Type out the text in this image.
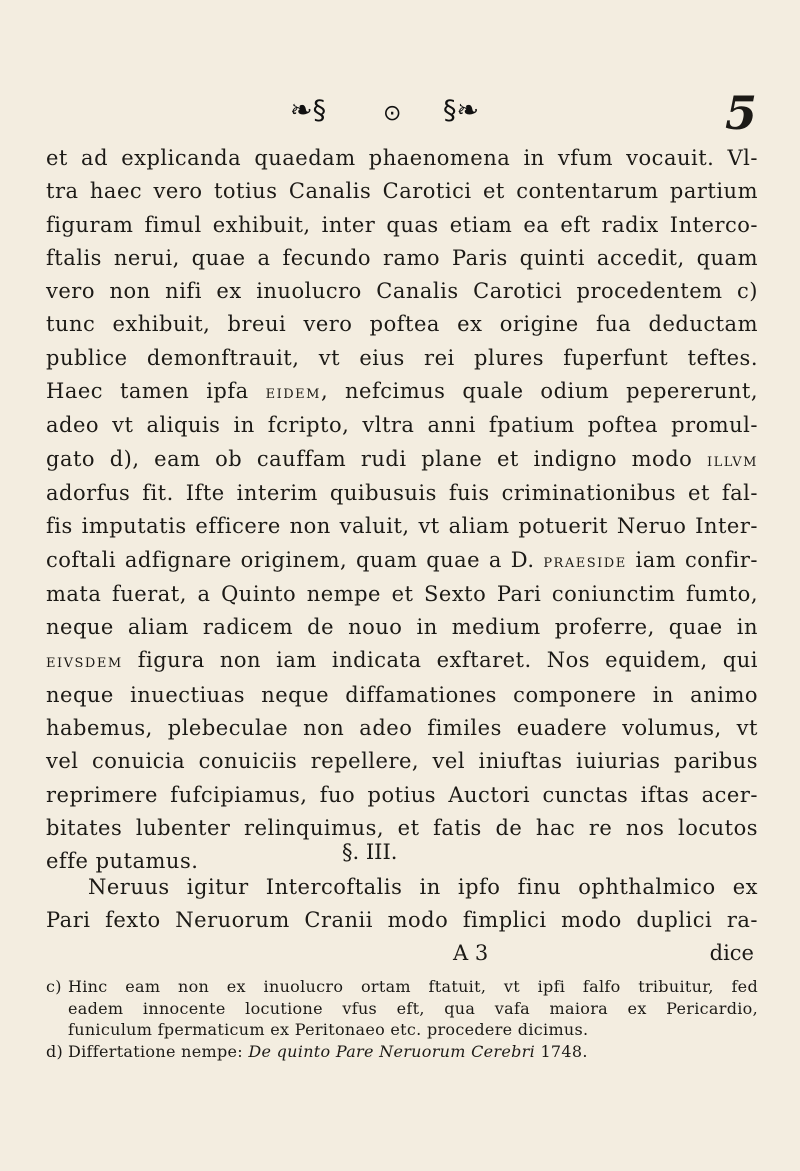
❧§	⊙ §❧	5
et ad explicanda quaedam phaenomena in vfum vocauit. Vl-
tra haec vero totius Canalis Carotici et contentarum partium
figuram fimul exhibuit, inter quas etiam ea eft radix Interco-
ftalis nerui, quae a fecundo ramo Paris quinti accedit, quam
vero non nifi ex inuolucro Canalis Carotici procedentem c)
tunc exhibuit, breui vero poftea ex origine fua deductam
publice demonftrauit, vt eius rei plures fuperfunt teftes.
Haec tamen ipfa eidem, nefcimus quale odium pepererunt,
adeo vt aliquis in fcripto, vltra anni fpatium poftea promul-
gato d), eam ob cauffam rudi plane et indigno modo illvm
adorfus fit. Ifte interim quibusuis fuis criminationibus et fal-
fis imputatis efficere non valuit, vt aliam potuerit Neruo Inter-
coftali adfignare originem, quam quae a D. praeside iam confir-
mata fuerat, a Quinto nempe et Sexto Pari coniunctim fumto,
neque aliam radicem de nouo in medium proferre, quae in
eivsdem figura non iam indicata exftaret. Nos equidem, qui
neque inuectiuas neque diffamationes componere in animo
habemus, plebeculae non adeo fimiles euadere volumus, vt
vel conuicia conuiciis repellere, vel iniuftas iuiurias paribus
reprimere fufcipiamus, fuo potius Auctori cunctas iftas acer-
bitates lubenter relinquimus, et fatis de hac re nos locutos
effe putamus.	§. III.
Neruus igitur Intercoftalis in ipfo finu ophthalmico ex
Pari fexto Neruorum Cranii modo fimplici modo duplici ra-
A 3	dice
c) Hinc eam non ex inuolucro ortam ftatuit, vt ipfi falfo tribuitur, fed
eadem innocente locutione vfus eft, qua vafa maiora ex Pericardio,
funiculum fpermaticum ex Peritonaeo etc. procedere dicimus.
d) Differtatione nempe: De quinto Pare Neruorum Cerebri 1748.
